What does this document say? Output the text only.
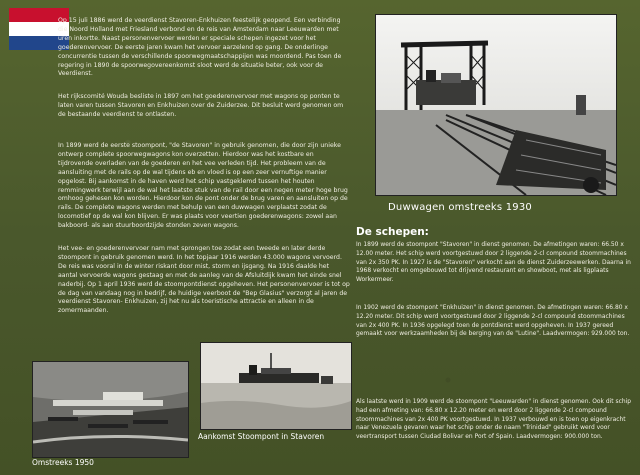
Op 15 juli 1886 werd de veerdienst Stavoren-Enkhuizen feestelijk geopend. Een verbinding die Noord Holland met Friesland verbond en de reis van Amsterdam naar Leeuwarden met uren inkortte. Naast personenvervoer werden er speciale schepen ingezet voor het goederenvervoer. De eerste jaren kwam het vervoer aarzelend op gang. De onderlinge concurrentie tussen de verschillende spoorwegmaatschappijen was moordend. Pas toen de regering in 1890 de spoorwegovereenkomst sloot werd de situatie beter, ook voor de Veerdienst.

Het rijkscomité Wouda besliste in 1897 om het goederenvervoer met wagons op ponten te laten varen tussen Stavoren en Enkhuizen over de Zuiderzee. Dit besluit werd genomen om de bestaande veerdienst te ontlasten.

In 1899 werd de eerste stoompont, "de Stavoren" in gebruik genomen, die door zijn unieke ontwerp complete spoorwegwagons kon overzetten. Hierdoor was het kostbare en tijdrovende overladen van de goederen en het vee verleden tijd. Het probleem van de aansluiting met de rails op de wal tijdens eb en vloed is op een zeer vernuftige manier opgelost. Bij aankomst in de haven werd het schip vastgeklemd tussen het houten remmingwerk terwijl aan de wal het laatste stuk van de rail door een negen meter hoge brug omhoog gehesen kon worden. Hierdoor kon de pont onder de brug varen en aansluiten op de rails. De complete wagons werden met behulp van een duwwagen verplaatst zodat de locomotief op de wal kon blijven. Er was plaats voor veertien goederenwagons: zowel aan bakboord- als aan stuurboordzijde stonden zeven wagons.

Het vee- en goederenvervoer nam met sprongen toe zodat een tweede en later derde stoompont in gebruik genomen werd. In het topjaar 1916 werden 43.000 wagons vervoerd. De reis was vooral in de winter riskant door mist, storm en ijsgang. Na 1916 daalde het aantal vervoerde wagons gestaag en met de aanleg van de Afsluitdijk kwam het einde snel naderbij. Op 1 april 1936 werd de stoompontdienst opgeheven. Het personenvervoer is tot op de dag van vandaag nog in bedrijf, de huidige veerboot de "Bep Glasius" verzorgt al jaren de veerdienst Stavoren- Enkhuizen, zij het nu als toeristische attractie en alleen in de zomermaanden.

Duwwagen omstreeks 1930
Aankomst Stoompont in Stavoren
Omstreeks 1950
De schepen:

In 1899 werd de stoompont "Stavoren" in dienst genomen. De afmetingen waren: 66.50 x 12.00 meter. Het schip werd voortgestuwd door 2 liggende 2-cl compound stoommachines van 2x 350 PK. In 1927 is de "Stavoren" verkocht aan de dienst Zuiderzeewerken. Daarna in 1968 verkocht en omgebouwd tot drijvend restaurant en showboot, met als ligplaats Workermeer.

In 1902 werd de stoompont "Enkhuizen" in dienst genomen. De afmetingen waren: 66.80 x 12.20 meter. Dit schip werd voortgestuwd door 2 liggende 2-cl compound stoommachines van 2x 400 PK. In 1936 opgelegd toen de pontdienst werd opgeheven. In 1937 gereed gemaakt voor werkzaamheden bij de berging van de "Lutine". Laadvermogen: 929.000 ton.

Als laatste werd in 1909 werd de stoompont "Leeuwarden" in dienst genomen. Ook dit schip had een afmeting van: 66.80 x 12.20 meter en werd door 2 liggende 2-cl compound stoommachines van 2x 400 PK voortgestuwd. In 1937 verbouwd en is toen op eigenkracht naar Venezuela gevaren waar het schip onder de naam "Trinidad" gebruikt werd voor veertransport tussen Ciudad Bolivar en Port of Spain. Laadvermogen: 900.000 ton.
